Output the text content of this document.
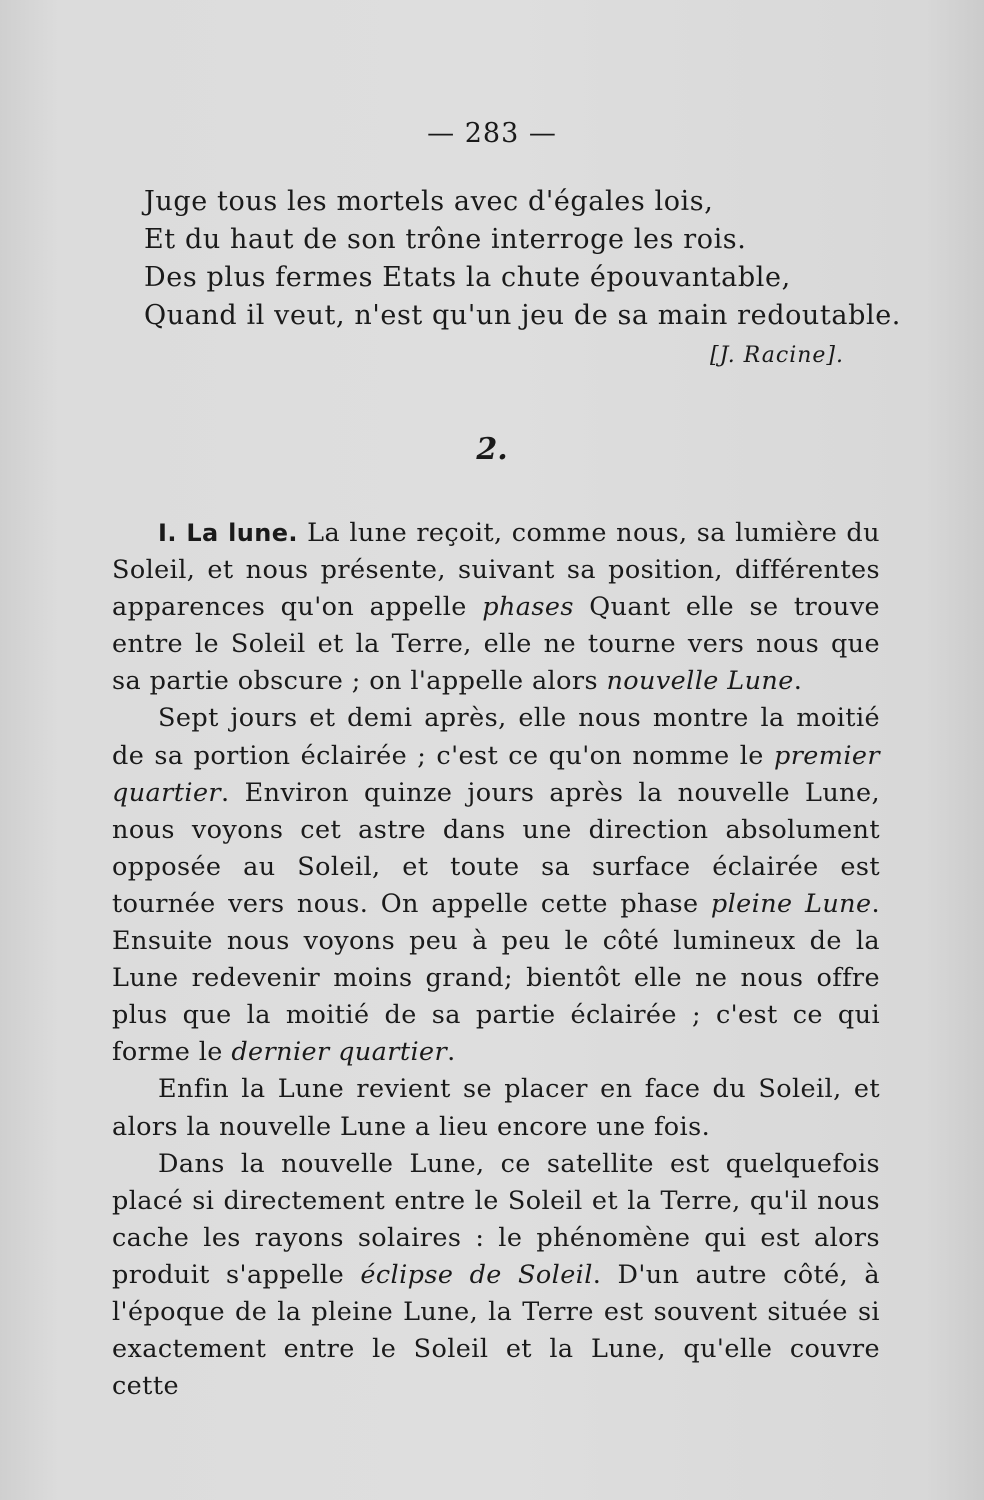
— 283 —
Juge tous les mortels avec d'égales lois,
Et du haut de son trône interroge les rois.
Des plus fermes Etats la chute épouvantable,
Quand il veut, n'est qu'un jeu de sa main redoutable.
[J. Racine].
2.

I. La lune. La lune reçoit, comme nous, sa lumière du Soleil, et nous présente, suivant sa position, différentes apparences qu'on appelle phases Quant elle se trouve entre le Soleil et la Terre, elle ne tourne vers nous que sa partie obscure ; on l'appelle alors nouvelle Lune.

Sept jours et demi après, elle nous montre la moitié de sa portion éclairée ; c'est ce qu'on nomme le premier quartier. Environ quinze jours après la nouvelle Lune, nous voyons cet astre dans une direction absolument opposée au Soleil, et toute sa surface éclairée est tournée vers nous. On appelle cette phase pleine Lune. Ensuite nous voyons peu à peu le côté lumineux de la Lune redevenir moins grand; bientôt elle ne nous offre plus que la moitié de sa partie éclairée ; c'est ce qui forme le dernier quartier.

Enfin la Lune revient se placer en face du Soleil, et alors la nouvelle Lune a lieu encore une fois.

Dans la nouvelle Lune, ce satellite est quelquefois placé si directement entre le Soleil et la Terre, qu'il nous cache les rayons solaires : le phénomène qui est alors produit s'appelle éclipse de Soleil. D'un autre côté, à l'époque de la pleine Lune, la Terre est souvent située si exactement entre le Soleil et la Lune, qu'elle couvre cette
